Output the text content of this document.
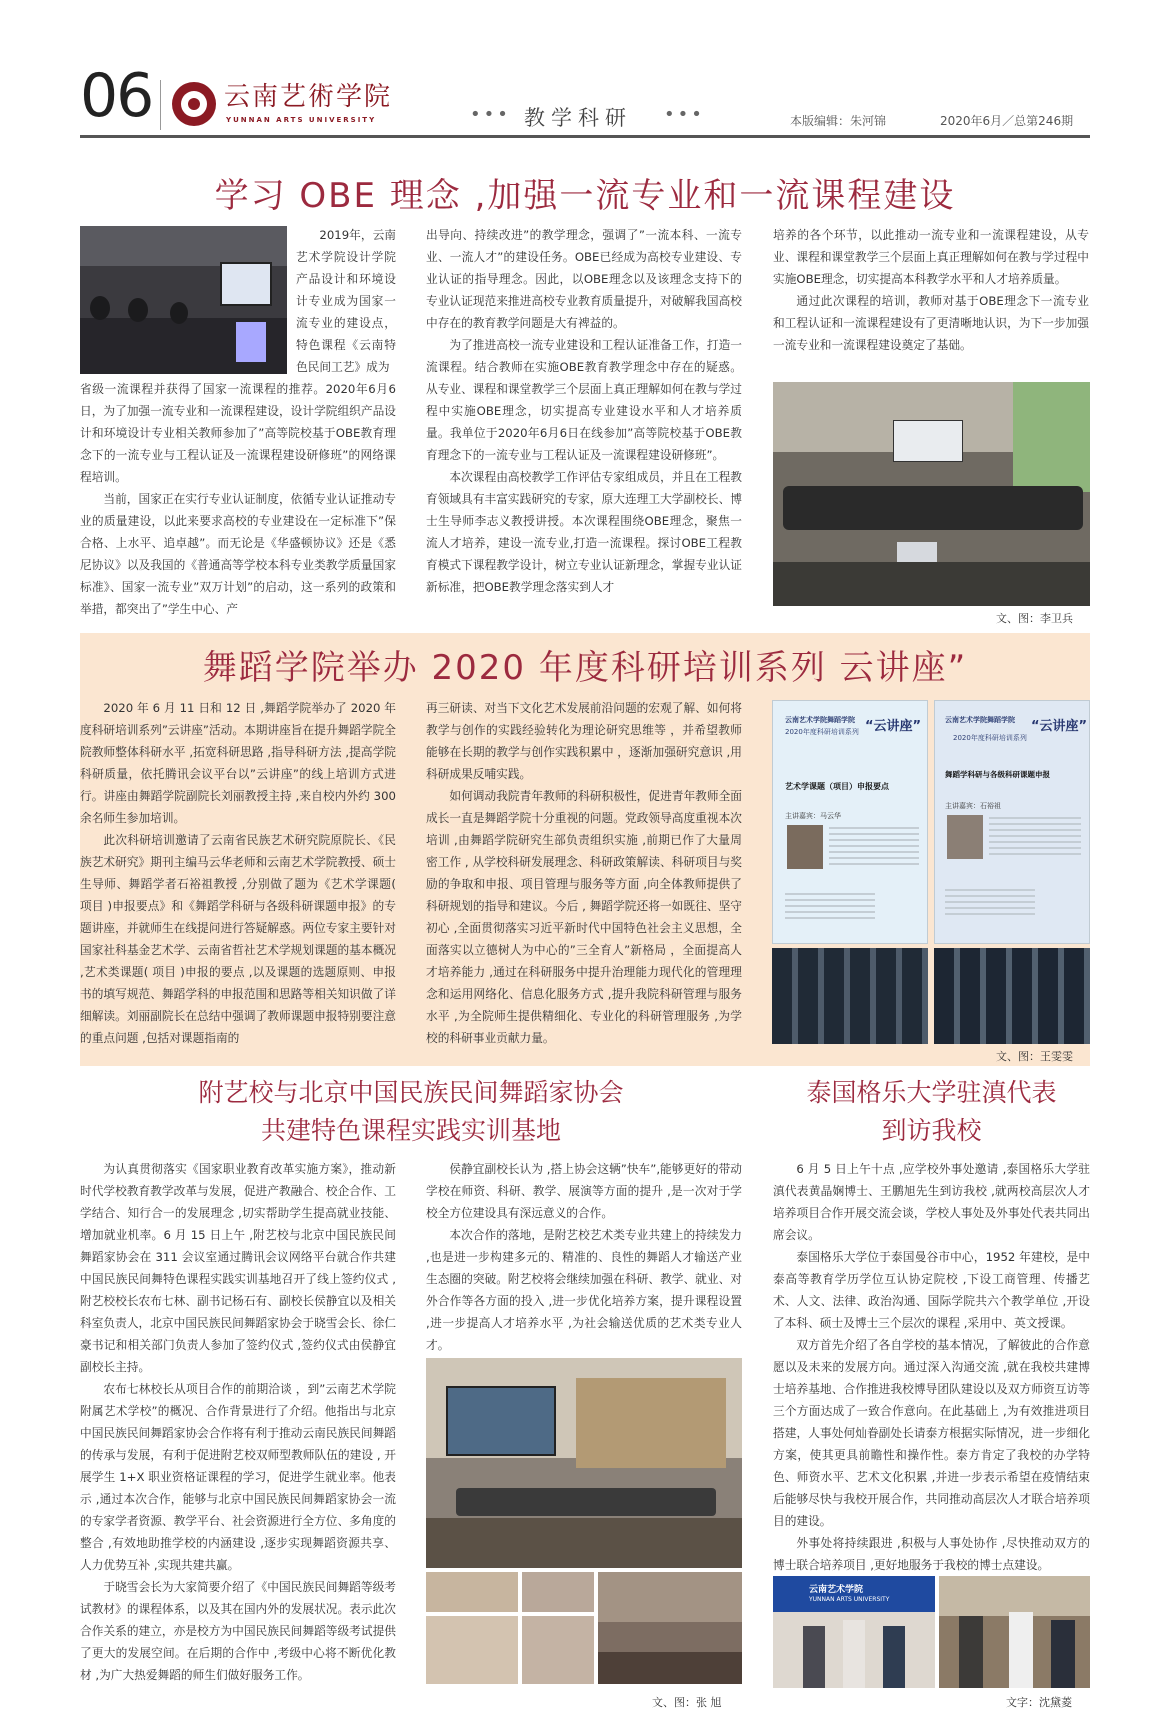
06	云南艺術学院
YUNNAN ARTS UNIVERSITY	••• 教学科研 •••	本版编辑：朱河锦	2020年6月／总第246期
学习 OBE 理念 ,加强一流专业和一流课程建设

2019年，云南艺术学院设计学院产品设计和环境设计专业成为国家一流专业的建设点，特色课程《云南特色民间工艺》成为

省级一流课程并获得了国家一流课程的推荐。2020年6月6日，为了加强一流专业和一流课程建设，设计学院组织产品设计和环境设计专业相关教师参加了”高等院校基于OBE教育理念下的一流专业与工程认证及一流课程建设研修班”的网络课程培训。

当前，国家正在实行专业认证制度，依循专业认证推动专业的质量建设，以此来要求高校的专业建设在一定标准下”保合格、上水平、追卓越”。而无论是《华盛顿协议》还是《悉尼协议》以及我国的《普通高等学校本科专业类教学质量国家标准》、国家一流专业”双万计划”的启动，这一系列的政策和举措，都突出了”学生中心、产

出导向、持续改进”的教学理念，强调了”一流本科、一流专业、一流人才”的建设任务。OBE已经成为高校专业建设、专业认证的指导理念。因此，以OBE理念以及该理念支持下的专业认证现范来推进高校专业教育质量提升，对破解我国高校中存在的教育教学问题是大有裨益的。

为了推进高校一流专业建设和工程认证准备工作，打造一流课程。结合教师在实施OBE教育教学理念中存在的疑惑。从专业、课程和课堂教学三个层面上真正理解如何在教与学过程中实施OBE理念，切实提高专业建设水平和人才培养质量。我单位于2020年6月6日在线参加”高等院校基于OBE教育理念下的一流专业与工程认证及一流课程建设研修班”。

本次课程由高校教学工作评估专家组成员，并且在工程教育领域具有丰富实践研究的专家，原大连理工大学副校长、博士生导师李志义教授讲授。本次课程围绕OBE理念，聚焦一流人才培养，建设一流专业,打造一流课程。探讨OBE工程教育模式下课程教学设计，树立专业认证新理念，掌握专业认证新标准，把OBE教学理念落实到人才

培养的各个环节，以此推动一流专业和一流课程建设，从专业、课程和课堂教学三个层面上真正理解如何在教与学过程中实施OBE理念，切实提高本科教学水平和人才培养质量。

通过此次课程的培训，教师对基于OBE理念下一流专业和工程认证和一流课程建设有了更清晰地认识，为下一步加强一流专业和一流课程建设奠定了基础。

文、图：李卫兵
舞蹈学院举办 2020 年度科研培训系列 云讲座”

2020 年 6 月 11 日和 12 日 ,舞蹈学院举办了 2020 年度科研培训系列”云讲座”活动。本期讲座旨在提升舞蹈学院全院教师整体科研水平 ,拓宽科研思路 ,指导科研方法 ,提高学院科研质量，依托腾讯会议平台以”云讲座”的线上培训方式进行。讲座由舞蹈学院副院长刘丽教授主持 ,来自校内外约 300 余名师生参加培训。

此次科研培训邀请了云南省民族艺术研究院原院长、《民族艺术研究》期刊主编马云华老师和云南艺术学院教授、硕士生导师、舞蹈学者石裕祖教授 ,分别做了题为《艺术学课题( 项目 )申报要点》和《舞蹈学科研与各级科研课题申报》的专题讲座，并就师生在线提问进行答疑解惑。两位专家主要针对国家社科基金艺术学、云南省哲社艺术学规划课题的基本概况 ,艺术类课题( 项目 )申报的要点 ,以及课题的选题原则、申报书的填写规范、舞蹈学科的申报范围和思路等相关知识做了详细解读。刘丽副院长在总结中强调了教师课题申报特别要注意的重点问题 ,包括对课题指南的

再三研读、对当下文化艺术发展前沿问题的宏观了解、如何将教学与创作的实践经验转化为理论研究思维等 ，并希望教师能够在长期的教学与创作实践积累中 ，逐渐加强研究意识 ,用科研成果反哺实践。

如何调动我院青年教师的科研积极性，促进青年教师全面成长一直是舞蹈学院十分重视的问题。党政领导高度重视本次培训 ,由舞蹈学院研究生部负责组织实施 ,前期已作了大量周密工作 , 从学校科研发展理念、科研政策解读、科研项目与奖励的争取和申报、项目管理与服务等方面 ,向全体教师提供了科研规划的指导和建议。今后 , 舞蹈学院还将一如既往、坚守初心 ,全面贯彻落实习近平新时代中国特色社会主义思想，全面落实以立德树人为中心的”三全育人”新格局 ，全面提高人才培养能力 ,通过在科研服务中提升治理能力现代化的管理理念和运用网络化、信息化服务方式 ,提升我院科研管理与服务水平 ,为全院师生提供精细化、专业化的科研管理服务 ,为学校的科研事业贡献力量。

云南艺术学院舞蹈学院
2020年度科研培训系列 “云讲座”
艺术学课题（项目）申报要点
主讲嘉宾：马云华
云南艺术学院舞蹈学院
2020年度科研培训系列
“云讲座”
舞蹈学科研与各级科研课题申报
主讲嘉宾：石裕祖
文、图：王雯雯
附艺校与北京中国民族民间舞蹈家协会
共建特色课程实践实训基地

为认真贯彻落实《国家职业教育改革实施方案》，推动新时代学校教育教学改革与发展，促进产教融合、校企合作、工学结合、知行合一的发展理念 ,切实帮助学生提高就业技能、增加就业机率。6 月 15 日上午 ,附艺校与北京中国民族民间舞蹈家协会在 311 会议室通过腾讯会议网络平台就合作共建中国民族民间舞特色课程实践实训基地召开了线上签约仪式 ,附艺校校长农布七林、副书记杨石有、副校长侯静宜以及相关科室负责人，北京中国民族民间舞蹈家协会于晓雪会长、徐仁豪书记和相关部门负责人参加了签约仪式 ,签约仪式由侯静宜副校长主持。

农布七林校长从项目合作的前期洽谈 ，到”云南艺术学院附属艺术学校”的概况、合作背景进行了介绍。他指出与北京中国民族民间舞蹈家协会合作将有利于推动云南民族民间舞蹈的传承与发展，有利于促进附艺校双师型教师队伍的建设 , 开展学生 1+X 职业资格证课程的学习，促进学生就业率。他表示 ,通过本次合作，能够与北京中国民族民间舞蹈家协会一流的专家学者资源、教学平台、社会资源进行全方位、多角度的整合 ,有效地助推学校的内涵建设 ,逐步实现舞蹈资源共享、人力优势互补 ,实现共建共赢。

于晓雪会长为大家简要介绍了《中国民族民间舞蹈等级考试教材》的课程体系，以及其在国内外的发展状况。表示此次合作关系的建立，亦是校方为中国民族民间舞蹈等级考试提供了更大的发展空间。在后期的合作中 ,考级中心将不断优化教材 ,为广大热爱舞蹈的师生们做好服务工作。

侯静宜副校长认为 ,搭上协会这辆”快车”,能够更好的带动学校在师资、科研、教学、展演等方面的提升 ,是一次对于学校全方位建设具有深远意义的合作。

本次合作的落地，是附艺校艺术类专业共建上的持续发力 ,也是进一步构建多元的、精准的、良性的舞蹈人才输送产业生态圈的突破。附艺校将会继续加强在科研、教学、就业、对外合作等各方面的投入 ,进一步优化培养方案，提升课程设置 ,进一步提高人才培养水平 ,为社会输送优质的艺术类专业人才。

文、图：张 旭
泰国格乐大学驻滇代表
到访我校

6 月 5 日上午十点 ,应学校外事处邀请 ,泰国格乐大学驻滇代表黄晶娴博士、王鹏旭先生到访我校 ,就两校高层次人才培养项目合作开展交流会谈，学校人事处及外事处代表共同出席会议。

泰国格乐大学位于泰国曼谷市中心，1952 年建校，是中泰高等教育学历学位互认协定院校 ,下设工商管理、传播艺术、人文、法律、政治沟通、国际学院共六个教学单位 ,开设了本科、硕士及博士三个层次的课程 ,采用中、英文授课。

双方首先介绍了各自学校的基本情况，了解彼此的合作意愿以及未来的发展方向。通过深入沟通交流 ,就在我校共建博士培养基地、合作推进我校博导团队建设以及双方师资互访等三个方面达成了一致合作意向。在此基础上 ,为有效推进项目搭建，人事处何灿眷副处长请泰方根据实际情况，进一步细化方案，使其更具前瞻性和操作性。泰方肯定了我校的办学特色、师资水平、艺术文化积累 ,并进一步表示希望在疫情结束后能够尽快与我校开展合作，共同推动高层次人才联合培养项目的建设。

外事处将持续跟进 ,积极与人事处协作 ,尽快推动双方的博士联合培养项目 ,更好地服务于我校的博士点建设。

云南艺术学院
YUNNAN ARTS UNIVERSITY
文字：沈黛菱
